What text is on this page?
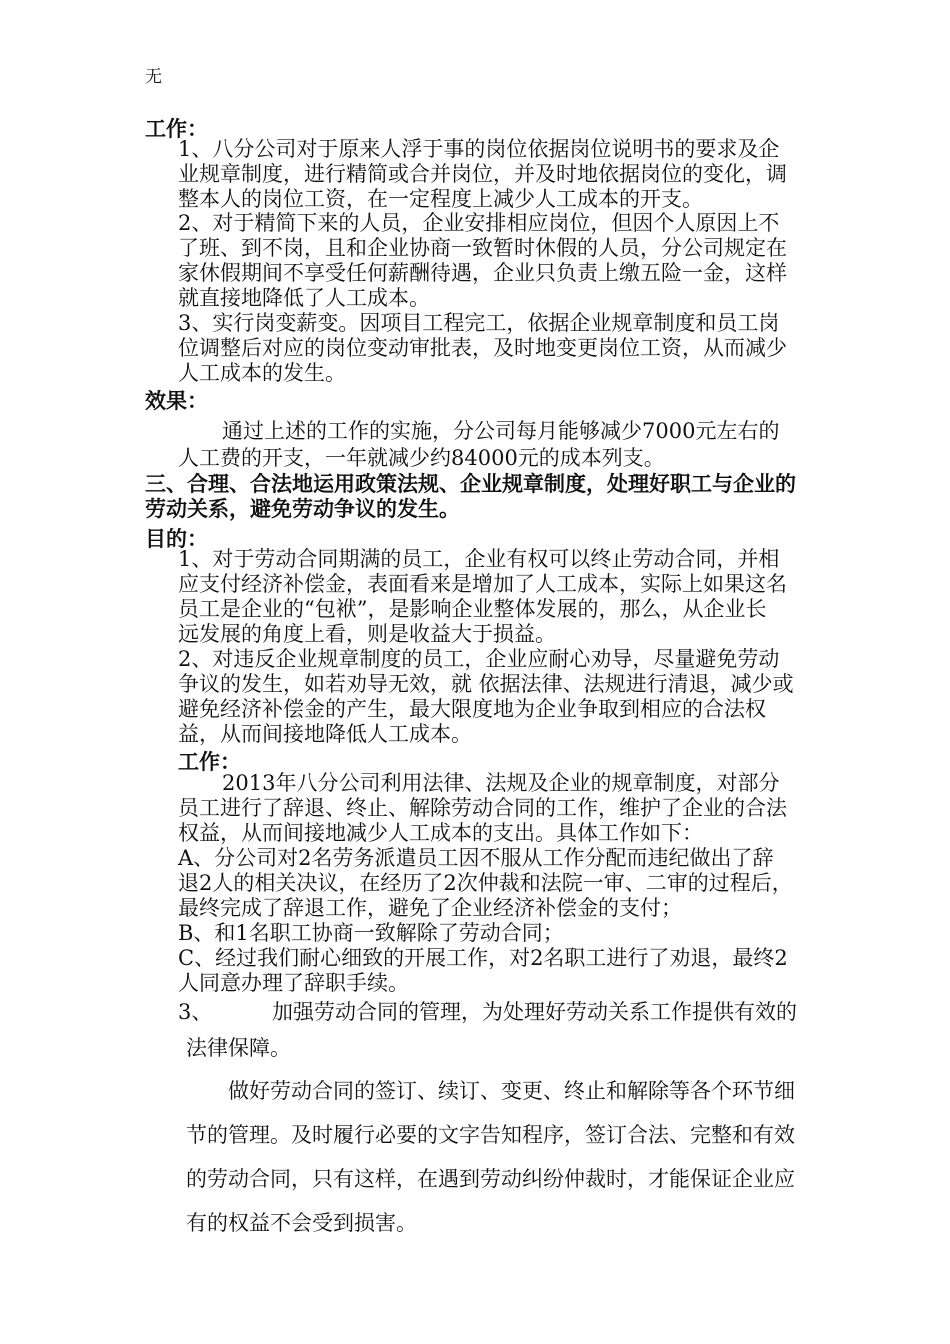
无
工作：
1、八分公司对于原来人浮于事的岗位依据岗位说明书的要求及企
业规章制度，进行精简或合并岗位，并及时地依据岗位的变化，调
整本人的岗位工资，在一定程度上减少人工成本的开支。
2、对于精简下来的人员，企业安排相应岗位，但因个人原因上不
了班、到不岗，且和企业协商一致暂时休假的人员，分公司规定在
家休假期间不享受任何薪酬待遇，企业只负责上缴五险一金，这样
就直接地降低了人工成本。
3、实行岗变薪变。因项目工程完工，依据企业规章制度和员工岗
位调整后对应的岗位变动审批表，及时地变更岗位工资，从而减少
人工成本的发生。
效果：
通过上述的工作的实施，分公司每月能够减少7000元左右的
人工费的开支，一年就减少约84000元的成本列支。
三、合理、合法地运用政策法规、企业规章制度，处理好职工与企业的
劳动关系，避免劳动争议的发生。
目的：
1、对于劳动合同期满的员工，企业有权可以终止劳动合同，并相
应支付经济补偿金，表面看来是增加了人工成本，实际上如果这名
员工是企业的“包袱”，是影响企业整体发展的，那么，从企业长
远发展的角度上看，则是收益大于损益。
2、对违反企业规章制度的员工，企业应耐心劝导，尽量避免劳动
争议的发生，如若劝导无效，就 依据法律、法规进行清退，减少或
避免经济补偿金的产生，最大限度地为企业争取到相应的合法权
益，从而间接地降低人工成本。
工作：
2013年八分公司利用法律、法规及企业的规章制度，对部分
员工进行了辞退、终止、解除劳动合同的工作，维护了企业的合法
权益，从而间接地减少人工成本的支出。具体工作如下：
A、分公司对2名劳务派遣员工因不服从工作分配而违纪做出了辞
退2人的相关决议，在经历了2次仲裁和法院一审、二审的过程后，
最终完成了辞退工作，避免了企业经济补偿金的支付；
B、和1名职工协商一致解除了劳动合同；
C、经过我们耐心细致的开展工作，对2名职工进行了劝退，最终2
人同意办理了辞职手续。
3、	加强劳动合同的管理，为处理好劳动关系工作提供有效的
法律保障。
做好劳动合同的签订、续订、变更、终止和解除等各个环节细
节的管理。及时履行必要的文字告知程序，签订合法、完整和有效
的劳动合同，只有这样，在遇到劳动纠纷仲裁时，才能保证企业应
有的权益不会受到损害。
